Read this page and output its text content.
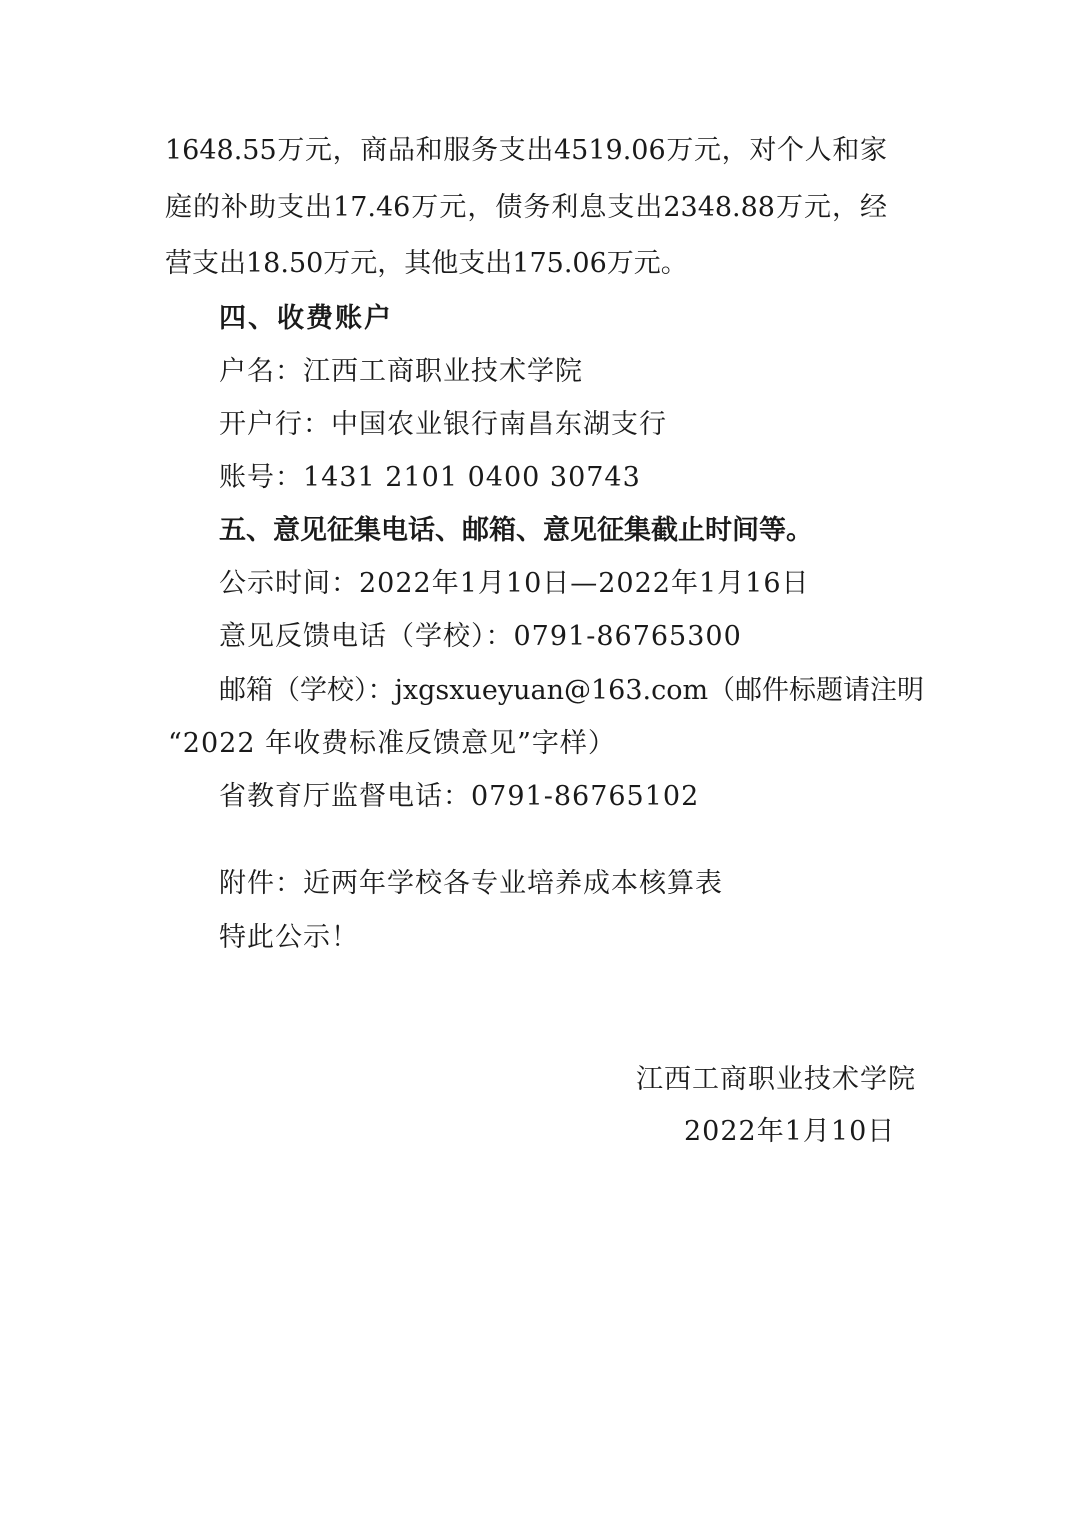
1648.55万元，商品和服务支出4519.06万元，对个人和家
庭的补助支出17.46万元，债务利息支出2348.88万元，经
营支出18.50万元，其他支出175.06万元。
四、收费账户
户名：江西工商职业技术学院
开户行：中国农业银行南昌东湖支行
账号：1431 2101 0400 30743
五、意见征集电话、邮箱、意见征集截止时间等。
公示时间：2022年1月10日—2022年1月16日
意见反馈电话（学校）：0791-86765300
邮箱（学校）：jxgsxueyuan@163.com（邮件标题请注明
“2022 年收费标准反馈意见”字样）
省教育厅监督电话：0791-86765102
附件：近两年学校各专业培养成本核算表
特此公示！
江西工商职业技术学院
2022年1月10日
